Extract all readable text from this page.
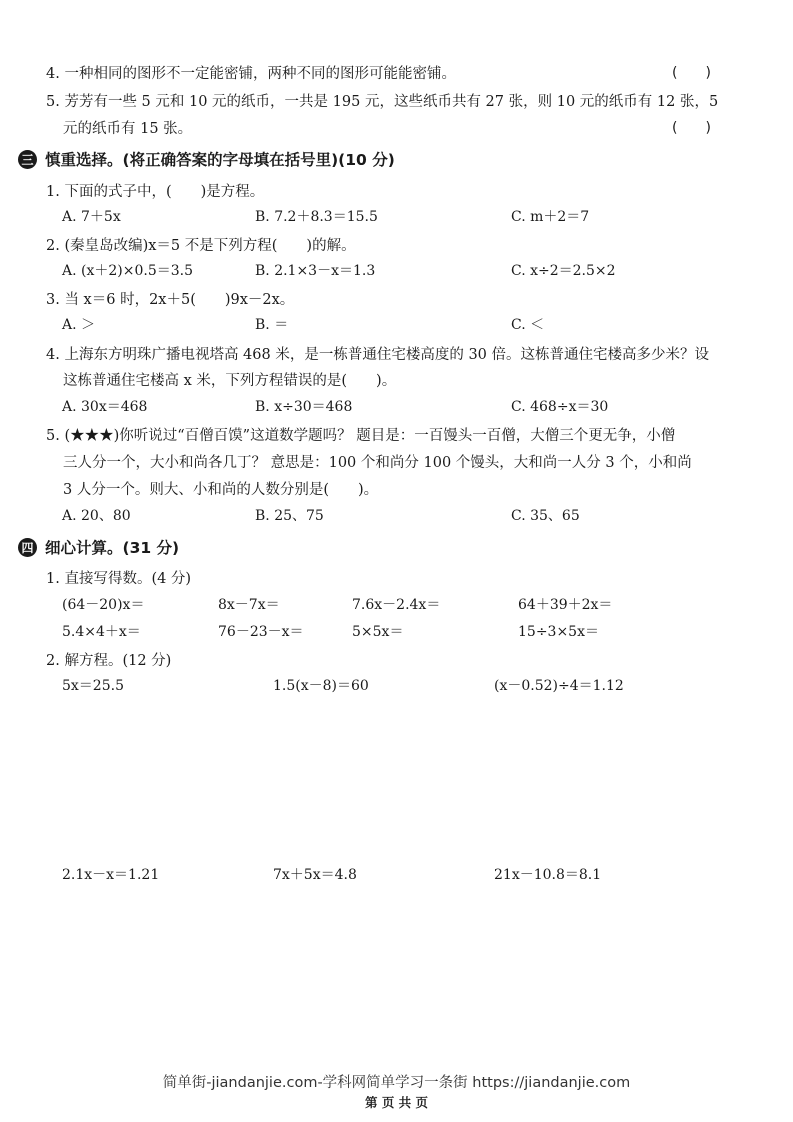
4. 一种相同的图形不一定能密铺，两种不同的图形可能能密铺。	(　　)
5. 芳芳有一些 5 元和 10 元的纸币，一共是 195 元，这些纸币共有 27 张，则 10 元的纸币有 12 张，5
元的纸币有 15 张。	(　　)
三 慎重选择。(将正确答案的字母填在括号里)(10 分)
1. 下面的式子中，(　　)是方程。
A. 7＋5x	B. 7.2＋8.3＝15.5	C. m＋2＝7
2. (秦皇岛改编)x＝5 不是下列方程(　　)的解。
A. (x＋2)×0.5＝3.5	B. 2.1×3－x＝1.3	C. x÷2＝2.5×2
3. 当 x＝6 时，2x＋5(　　)9x－2x。
A. ＞	B. ＝	C. ＜
4. 上海东方明珠广播电视塔高 468 米，是一栋普通住宅楼高度的 30 倍。这栋普通住宅楼高多少米？设
这栋普通住宅楼高 x 米，下列方程错误的是(　　)。
A. 30x＝468	B. x÷30＝468	C. 468÷x＝30
5. (★★★)你听说过“百僧百馍”这道数学题吗？ 题目是：一百馒头一百僧，大僧三个更无争，小僧
三人分一个，大小和尚各几丁？ 意思是：100 个和尚分 100 个馒头，大和尚一人分 3 个，小和尚
3 人分一个。则大、小和尚的人数分别是(　　)。
A. 20、80	B. 25、75	C. 35、65
四 细心计算。(31 分)
1. 直接写得数。(4 分)
(64－20)x＝	8x－7x＝	7.6x－2.4x＝	64＋39＋2x＝
5.4×4＋x＝	76－23－x＝	5×5x＝	15÷3×5x＝
2. 解方程。(12 分)
5x＝25.5	1.5(x－8)＝60	(x－0.52)÷4＝1.12
2.1x－x＝1.21	7x＋5x＝4.8	21x－10.8＝8.1
简单街-jiandanjie.com-学科网简单学习一条街 https://jiandanjie.com
第 页 共 页
